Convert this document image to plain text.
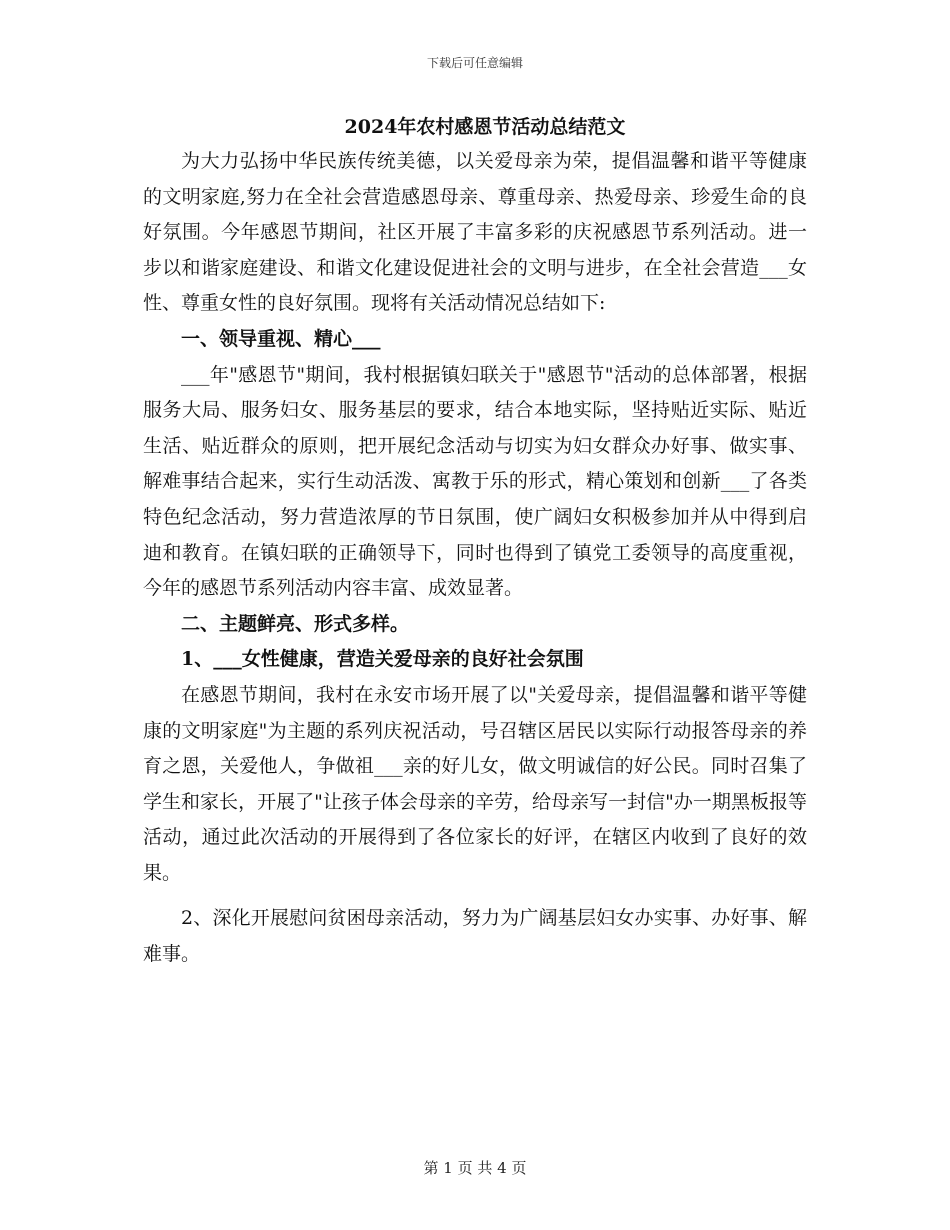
下载后可任意编辑
2024年农村感恩节活动总结范文

为大力弘扬中华民族传统美德，以关爱母亲为荣，提倡温馨和谐平等健康的文明家庭,努力在全社会营造感恩母亲、尊重母亲、热爱母亲、珍爱生命的良好氛围。今年感恩节期间，社区开展了丰富多彩的庆祝感恩节系列活动。进一步以和谐家庭建设、和谐文化建设促进社会的文明与进步，在全社会营造___女性、尊重女性的良好氛围。现将有关活动情况总结如下:

一、领导重视、精心___

___年"感恩节"期间，我村根据镇妇联关于"感恩节"活动的总体部署，根据服务大局、服务妇女、服务基层的要求，结合本地实际，坚持贴近实际、贴近生活、贴近群众的原则，把开展纪念活动与切实为妇女群众办好事、做实事、解难事结合起来，实行生动活泼、寓教于乐的形式，精心策划和创新___了各类特色纪念活动，努力营造浓厚的节日氛围，使广阔妇女积极参加并从中得到启迪和教育。在镇妇联的正确领导下，同时也得到了镇党工委领导的高度重视，今年的感恩节系列活动内容丰富、成效显著。

二、主题鲜亮、形式多样。

1、___女性健康，营造关爱母亲的良好社会氛围

在感恩节期间，我村在永安市场开展了以"关爱母亲，提倡温馨和谐平等健康的文明家庭"为主题的系列庆祝活动，号召辖区居民以实际行动报答母亲的养育之恩，关爱他人，争做祖___亲的好儿女，做文明诚信的好公民。同时召集了学生和家长，开展了"让孩子体会母亲的辛劳，给母亲写一封信"办一期黑板报等活动，通过此次活动的开展得到了各位家长的好评，在辖区内收到了良好的效果。

2、深化开展慰问贫困母亲活动，努力为广阔基层妇女办实事、办好事、解难事。

第 1 页 共 4 页
